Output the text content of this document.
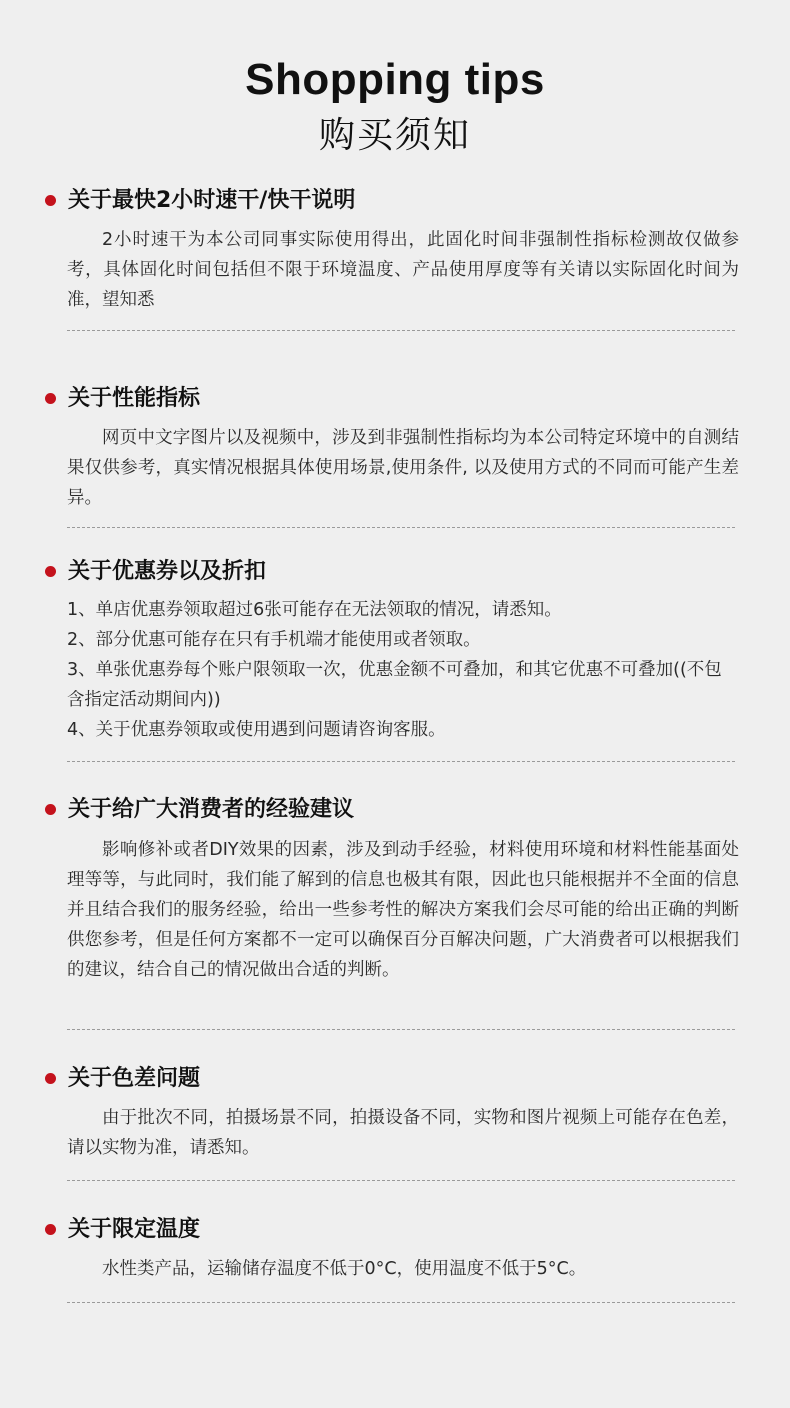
Shopping tips
购买须知
关于最快2小时速干/快干说明
2小时速干为本公司同事实际使用得出，此固化时间非强制性指标检测故仅做参考，具体固化时间包括但不限于环境温度、产品使用厚度等有关请以实际固化时间为准，望知悉
关于性能指标
网页中文字图片以及视频中，涉及到非强制性指标均为本公司特定环境中的自测结果仅供参考，真实情况根据具体使用场景,使用条件, 以及使用方式的不同而可能产生差异。
关于优惠券以及折扣
1、单店优惠券领取超过6张可能存在无法领取的情况，请悉知。
2、部分优惠可能存在只有手机端才能使用或者领取。
3、单张优惠券每个账户限领取一次，优惠金额不可叠加，和其它优惠不可叠加((不包含指定活动期间内))
4、关于优惠券领取或使用遇到问题请咨询客服。
关于给广大消费者的经验建议
影响修补或者DIY效果的因素，涉及到动手经验，材料使用环境和材料性能基面处理等等，与此同时，我们能了解到的信息也极其有限，因此也只能根据并不全面的信息并且结合我们的服务经验，给出一些参考性的解决方案我们会尽可能的给出正确的判断供您参考，但是任何方案都不一定可以确保百分百解决问题，广大消费者可以根据我们的建议，结合自己的情况做出合适的判断。
关于色差问题
由于批次不同，拍摄场景不同，拍摄设备不同，实物和图片视频上可能存在色差，请以实物为准，请悉知。
关于限定温度
水性类产品，运输储存温度不低于0°C，使用温度不低于5°C。
